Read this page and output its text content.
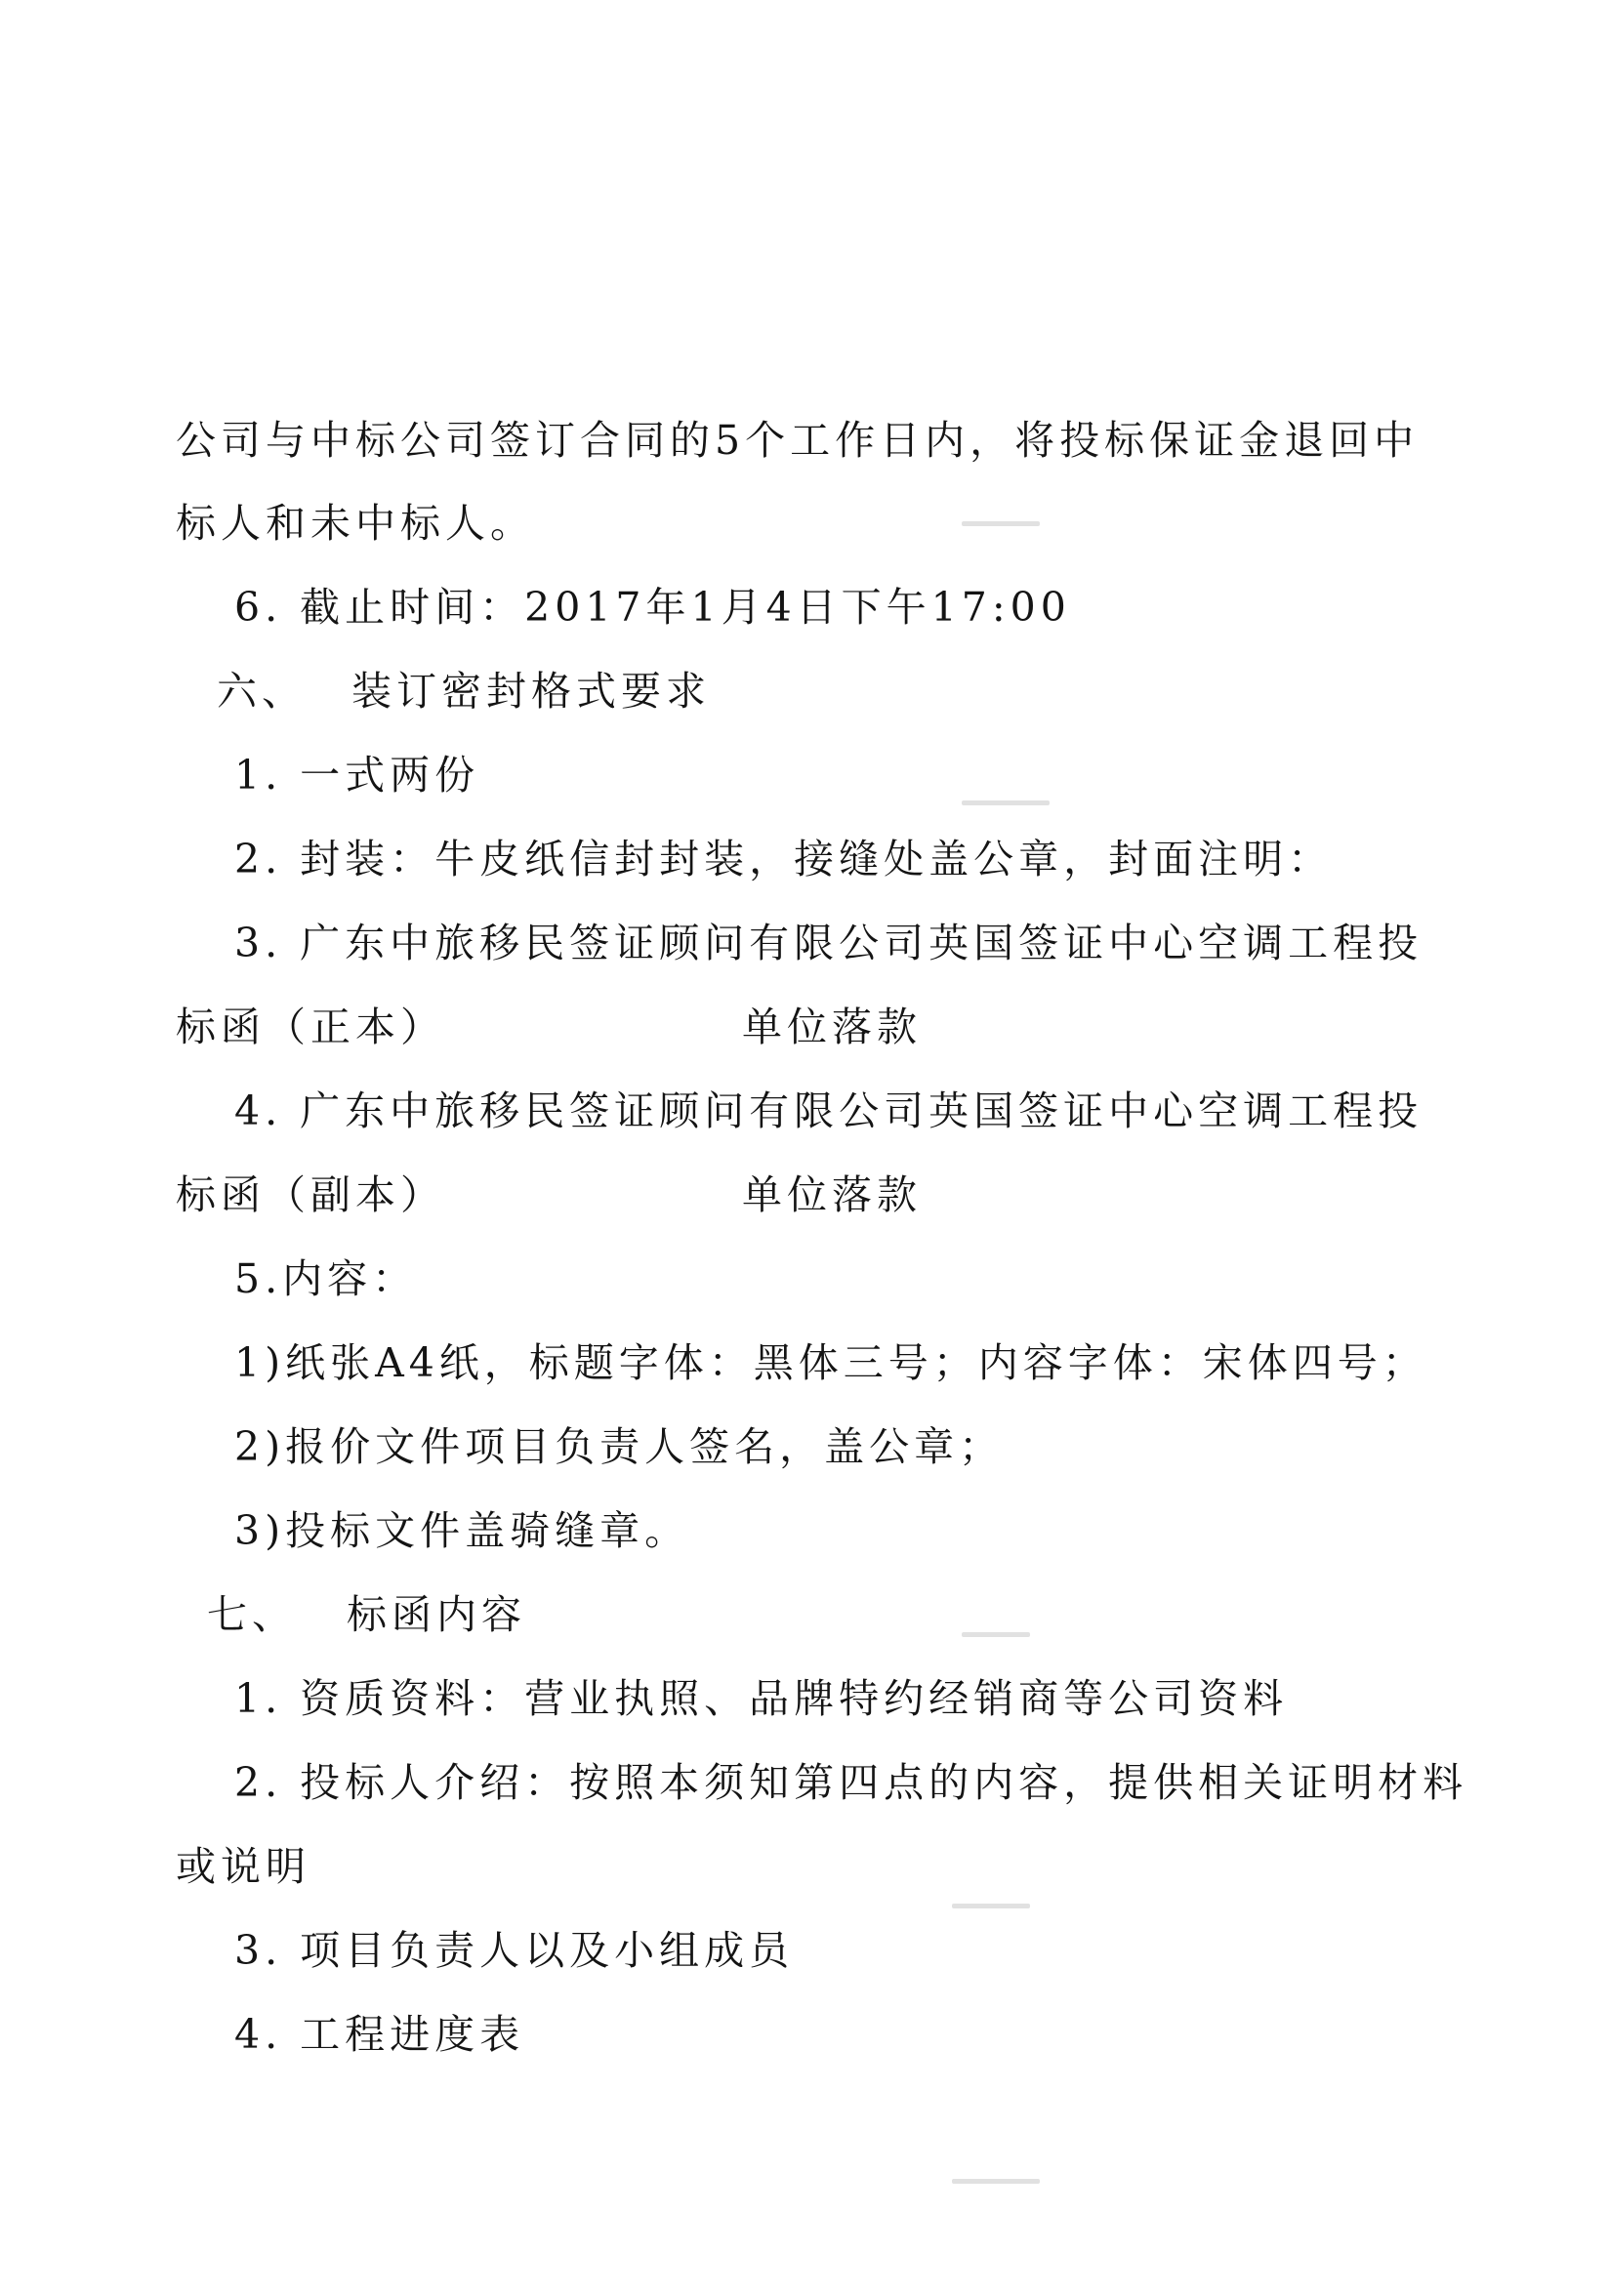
公司与中标公司签订合同的5个工作日内，将投标保证金退回中
标人和未中标人。
6. 截止时间：2017年1月4日下午17:00
六、 装订密封格式要求
1. 一式两份
2. 封装：牛皮纸信封封装，接缝处盖公章，封面注明：
3. 广东中旅移民签证顾问有限公司英国签证中心空调工程投
标函（正本）	单位落款
4. 广东中旅移民签证顾问有限公司英国签证中心空调工程投
标函（副本）	单位落款
5.内容：
1)纸张A4纸，标题字体：黑体三号；内容字体：宋体四号；
2)报价文件项目负责人签名，盖公章；
3)投标文件盖骑缝章。
七、 标函内容
1. 资质资料：营业执照、品牌特约经销商等公司资料
2. 投标人介绍：按照本须知第四点的内容，提供相关证明材料
或说明
3. 项目负责人以及小组成员
4. 工程进度表
